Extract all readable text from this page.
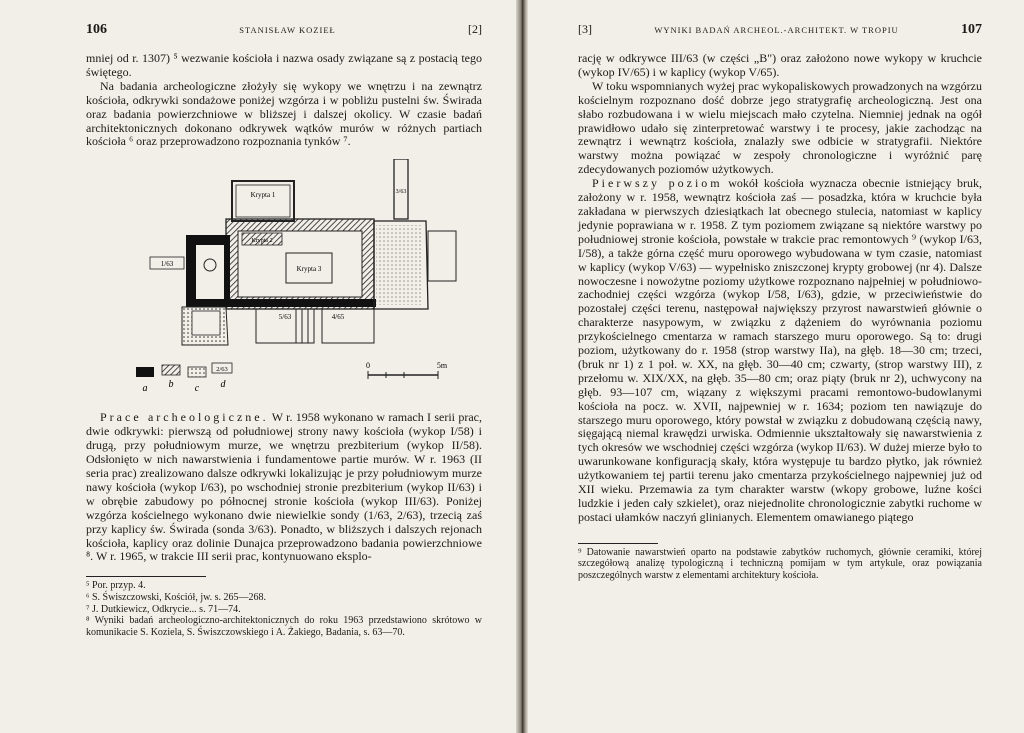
106	STANISŁAW KOZIEŁ	[2]

mniej od r. 1307) ⁵ wezwanie kościoła i nazwa osady związane są z postacią tego świętego.

Na badania archeologiczne złożyły się wykopy we wnętrzu i na zewnątrz kościoła, odkrywki sondażowe poniżej wzgórza i w pobliżu pustelni św. Świrada oraz badania powierzchniowe w bliższej i dalszej okolicy. W czasie badań architektonicznych dokonano odkrywek wątków murów w różnych partiach kościoła ⁶ oraz przeprowadzono rozpoznania tynków ⁷.

1/63
Krypta 1
Krypta 2
Krypta 3
3/63
5/63	4/65
2/63
a b c d
0	5m

Prace archeologiczne. W r. 1958 wykonano w ramach I serii prac, dwie odkrywki: pierwszą od południowej strony nawy kościoła (wykop I/58) i drugą, przy południowym murze, we wnętrzu prezbiterium (wykop II/58). Odsłonięto w nich nawarstwienia i fundamentowe partie murów. W r. 1963 (II seria prac) zrealizowano dalsze odkrywki lokalizując je przy południowym murze nawy kościoła (wykop I/63), po wschodniej stronie prezbiterium (wykop II/63) i w obrębie zabudowy po północnej stronie kościoła (wykop III/63). Poniżej wzgórza kościelnego wykonano dwie niewielkie sondy (1/63, 2/63), trzecią zaś przy kaplicy św. Świrada (sonda 3/63). Ponadto, w bliższych i dalszych rejonach kościoła, kaplicy oraz dolinie Dunajca przeprowadzono badania powierzchniowe ⁸. W r. 1965, w trakcie III serii prac, kontynuowano eksplo-

⁵ Por. przyp. 4.
⁶ S. Świszczowski, Kościół, jw. s. 265—268.
⁷ J. Dutkiewicz, Odkrycie... s. 71—74.
⁸ Wyniki badań archeologiczno-architektonicznych do roku 1963 przedstawiono skrótowo w komunikacie S. Koziela, S. Świszczowskiego i A. Żakiego, Badania, s. 63—70.
[3]	WYNIKI BADAŃ ARCHEOL.-ARCHITEKT. W TROPIU	107

rację w odkrywce III/63 (w części „B") oraz założono nowe wykopy w kruchcie (wykop IV/65) i w kaplicy (wykop V/65).

W toku wspomnianych wyżej prac wykopaliskowych prowadzonych na wzgórzu kościelnym rozpoznano dość dobrze jego stratygrafię archeologiczną. Jest ona słabo rozbudowana i w wielu miejscach mało czytelna. Niemniej jednak na ogół prawidłowo udało się zinterpretować warstwy i te procesy, jakie zachodząc na zewnątrz i wewnątrz kościoła, znalazły swe odbicie w stratygrafii. Niektóre warstwy można powiązać w zespoły chronologiczne i wyróżnić parę zdecydowanych poziomów użytkowych.

Pierwszy poziom wokół kościoła wyznacza obecnie istniejący bruk, założony w r. 1958, wewnątrz kościoła zaś — posadzka, która w kruchcie była zakładana w pierwszych dziesiątkach lat obecnego stulecia, natomiast w kaplicy jedynie poprawiana w r. 1958. Z tym poziomem związane są niektóre warstwy po południowej stronie kościoła, powstałe w trakcie prac remontowych ⁹ (wykop I/63, I/58), a także górna część muru oporowego wybudowana w tym czasie, natomiast w kaplicy (wykop V/63) — wypełnisko zniszczonej krypty grobowej (nr 4). Dalsze nowoczesne i nowożytne poziomy użytkowe rozpoznano najpełniej w południowo-zachodniej części wzgórza (wykop I/58, I/63), gdzie, w przeciwieństwie do pozostałej części terenu, następował największy przyrost nawarstwień głównie o charakterze nasypowym, w związku z dążeniem do wyrównania poziomu przykościelnego cmentarza w ramach starszego muru oporowego. Są to: drugi poziom, użytkowany do r. 1958 (strop warstwy IIa), na głęb. 18—30 cm; trzeci, (bruk nr 1) z 1 poł. w. XX, na głęb. 30—40 cm; czwarty, (strop warstwy III), z przełomu w. XIX/XX, na głęb. 35—80 cm; oraz piąty (bruk nr 2), uchwycony na głęb. 93—107 cm, wiązany z większymi pracami remontowo-budowlanymi kościoła na pocz. w. XVII, najpewniej w r. 1634; poziom ten nawiązuje do starszego muru oporowego, który powstał w związku z dobudowaną częścią nawy, sięgającą niemal krawędzi urwiska. Odmiennie ukształtowały się nawarstwienia z tych okresów we wschodniej części wzgórza (wykop II/63). W dużej mierze było to uwarunkowane konfiguracją skały, która występuje tu bardzo płytko, jak również użytkowaniem tej partii terenu jako cmentarza przykościelnego najpewniej już od XII wieku. Przemawia za tym charakter warstw (wkopy grobowe, luźne kości ludzkie i jeden cały szkielet), oraz niejednolite chronologicznie zabytki ruchome w postaci ułamków naczyń glinianych. Elementem omawianego piątego

⁹ Datowanie nawarstwień oparto na podstawie zabytków ruchomych, głównie ceramiki, której szczegółową analizę typologiczną i techniczną pomijam w tym artykule, oraz powiązania poszczególnych warstw z elementami architektury kościoła.
